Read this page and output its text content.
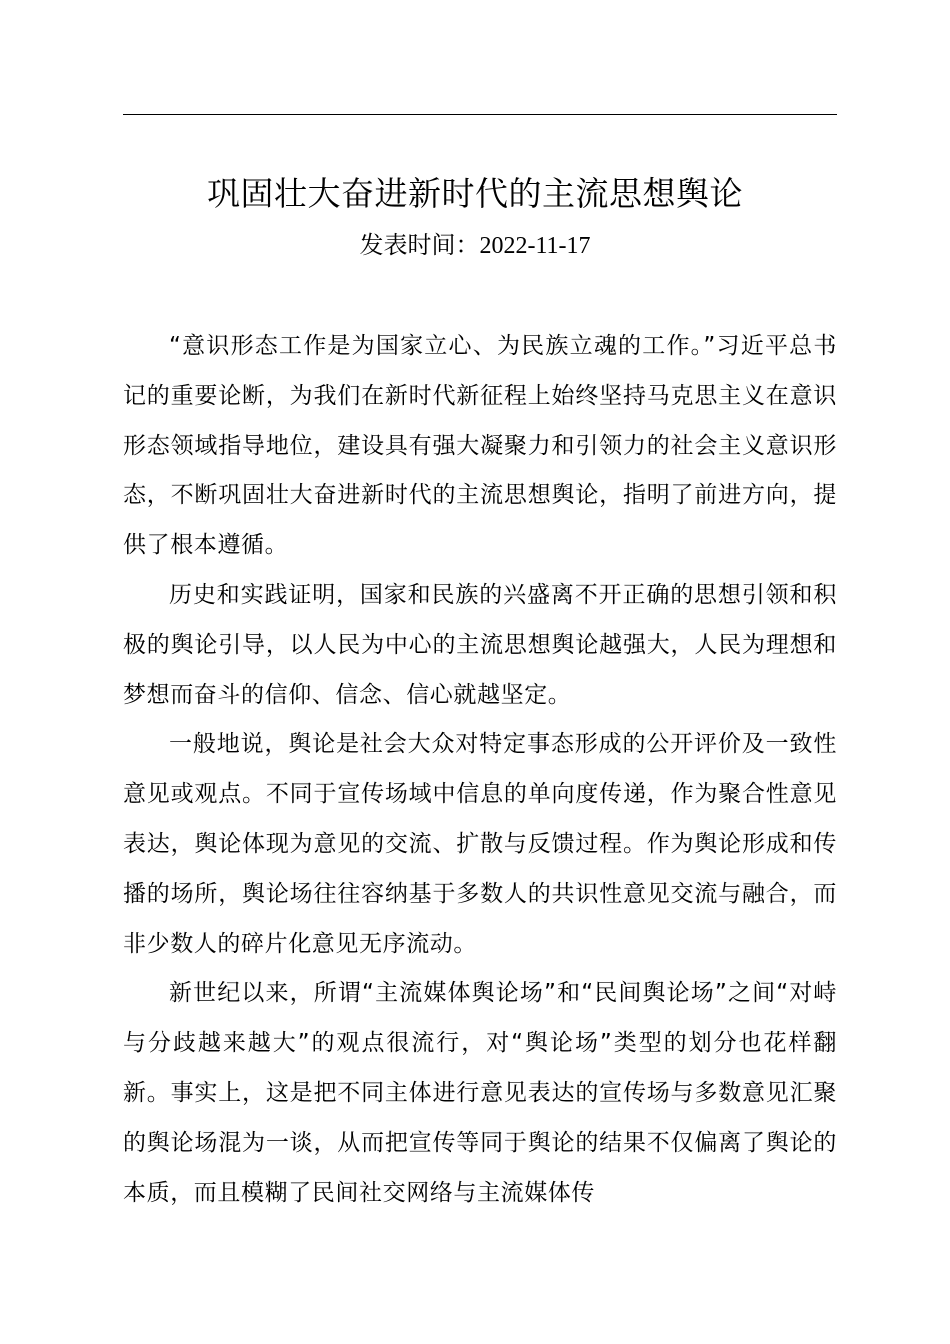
巩固壮大奋进新时代的主流思想舆论
发表时间：2022-11-17

“意识形态工作是为国家立心、为民族立魂的工作。”习近平总书记的重要论断，为我们在新时代新征程上始终坚持马克思主义在意识形态领域指导地位，建设具有强大凝聚力和引领力的社会主义意识形态，不断巩固壮大奋进新时代的主流思想舆论，指明了前进方向，提供了根本遵循。

历史和实践证明，国家和民族的兴盛离不开正确的思想引领和积极的舆论引导，以人民为中心的主流思想舆论越强大，人民为理想和梦想而奋斗的信仰、信念、信心就越坚定。

一般地说，舆论是社会大众对特定事态形成的公开评价及一致性意见或观点。不同于宣传场域中信息的单向度传递，作为聚合性意见表达，舆论体现为意见的交流、扩散与反馈过程。作为舆论形成和传播的场所，舆论场往往容纳基于多数人的共识性意见交流与融合，而非少数人的碎片化意见无序流动。

新世纪以来，所谓“主流媒体舆论场”和“民间舆论场”之间“对峙与分歧越来越大”的观点很流行，对“舆论场”类型的划分也花样翻新。事实上，这是把不同主体进行意见表达的宣传场与多数意见汇聚的舆论场混为一谈，从而把宣传等同于舆论的结果不仅偏离了舆论的本质，而且模糊了民间社交网络与主流媒体传
